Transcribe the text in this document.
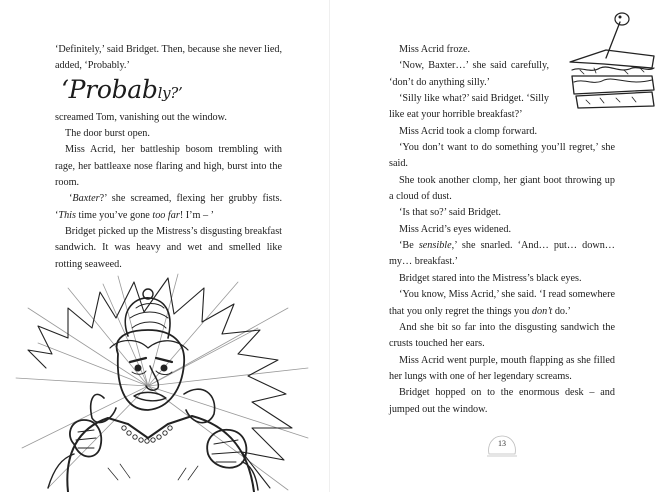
‘Definitely,’ said Bridget. Then, because she never lied, added, ‘Probably.’

‘Probably?’

screamed Tom, vanishing out the window.

The door burst open.

Miss Acrid, her battleship bosom trembling with rage, her battleaxe nose flaring and high, burst into the room.

‘Baxter?’ she screamed, flexing her grubby fists. ‘This time you’ve gone too far! I’m – ’

Bridget picked up the Mistress’s disgusting breakfast sandwich. It was heavy and wet and smelled like rotting seaweed.

Miss Acrid froze.

‘Now, Baxter…’ she said carefully, ‘don’t do anything silly.’

‘Silly like what?’ said Bridget. ‘Silly like eat your horrible breakfast?’

Miss Acrid took a clomp forward.

‘You don’t want to do something you’ll regret,’ she said.

She took another clomp, her giant boot throwing up a cloud of dust.

‘Is that so?’ said Bridget.

Miss Acrid’s eyes widened.

‘Be sensible,’ she snarled. ‘And… put… down… my… breakfast.’

Bridget stared into the Mistress’s black eyes.

‘You know, Miss Acrid,’ she said. ‘I read somewhere that you only regret the things you don’t do.’

And she bit so far into the disgusting sandwich the crusts touched her ears.

Miss Acrid went purple, mouth flapping as she filled her lungs with one of her legendary screams.

Bridget hopped on to the enormous desk – and jumped out the window.

13
